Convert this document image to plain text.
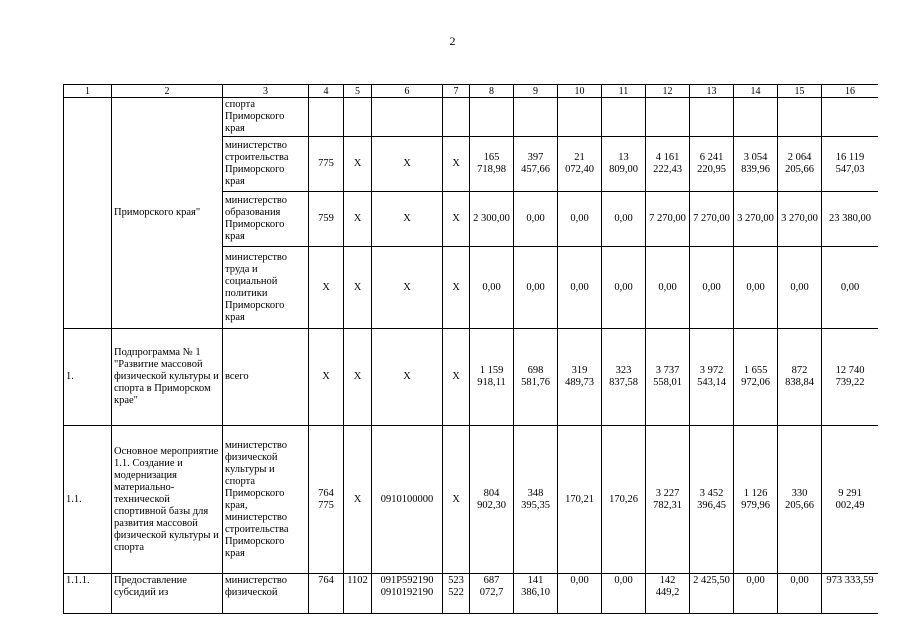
2
1	2	3	4	5	6	7	8	9	10	11	12	13	14	15	16
	Приморского края"	спорта Приморского края													
		министерство строительства Приморского края	775	X	X	X	165 718,98	397 457,66	21 072,40	13 809,00	4 161 222,43	6 241 220,95	3 054 839,96	2 064 205,66	16 119 547,03
		министерство образования Приморского края	759	X	X	X	2 300,00	0,00	0,00	0,00	7 270,00	7 270,00	3 270,00	3 270,00	23 380,00
		министерство труда и социальной политики Приморского края	X	X	X	X	0,00	0,00	0,00	0,00	0,00	0,00	0,00	0,00	0,00
1.	Подпрограмма № 1 "Развитие массовой физической культуры и спорта в Приморском крае"	всего	X	X	X	X	1 159 918,11	698 581,76	319 489,73	323 837,58	3 737 558,01	3 972 543,14	1 655 972,06	872 838,84	12 740 739,22
1.1.	Основное мероприятие 1.1. Создание и модернизация материально-технической спортивной базы для развития массовой физической культуры и спорта	министерство физической культуры и спорта Приморского края, министерство строительства Приморского края	764 775	X	0910100000	X	804 902,30	348 395,35	170,21	170,26	3 227 782,31	3 452 396,45	1 126 979,96	330 205,66	9 291 002,49
1.1.1.	Предоставление субсидий из	министерство физической	764	1102	091P592190 0910192190	523 522	687 072,7	141 386,10	0,00	0,00	142 449,2	2 425,50	0,00	0,00	973 333,59
